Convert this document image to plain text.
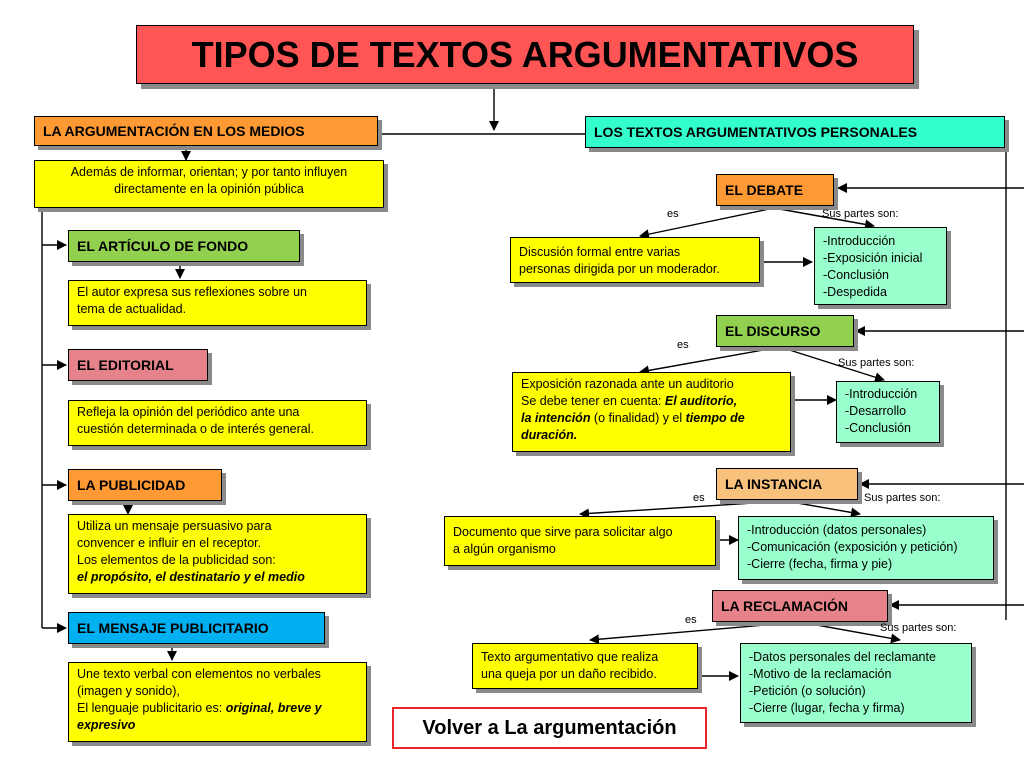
TIPOS DE TEXTOS ARGUMENTATIVOS
LA ARGUMENTACIÓN EN LOS MEDIOS
Además de informar, orientan; y por tanto influyen
directamente en la opinión pública
EL ARTÍCULO DE FONDO
El autor expresa sus reflexiones sobre un
tema de actualidad.
EL EDITORIAL
Refleja la opinión del periódico ante una
cuestión determinada o de interés general.
LA PUBLICIDAD
Utiliza un mensaje persuasivo para
convencer e influir en el receptor.
Los elementos de la publicidad son:
el propósito, el destinatario y el medio
EL MENSAJE PUBLICITARIO
Une texto verbal con elementos no verbales
(imagen y sonido),
El lenguaje publicitario es: original, breve y
expresivo
LOS TEXTOS ARGUMENTATIVOS PERSONALES
EL DEBATE
es	Sus partes son:
Discusión formal entre varias
personas dirigida por un moderador.
-Introducción
-Exposición inicial
-Conclusión
-Despedida
EL DISCURSO
es
Sus partes son:
Exposición razonada ante un auditorio
Se debe tener en cuenta: El auditorio,
la intención (o finalidad) y el tiempo de
duración.
-Introducción
-Desarrollo
-Conclusión
LA INSTANCIA
es	Sus partes son:
Documento que sirve para solicitar algo
a algún organismo
-Introducción (datos personales)
-Comunicación (exposición y petición)
-Cierre (fecha, firma y pie)
LA RECLAMACIÓN
es
Sus partes son:
Texto argumentativo que realiza
una queja por un daño recibido.
-Datos personales del reclamante
-Motivo de la reclamación
-Petición (o solución)
-Cierre (lugar, fecha y firma)
Volver a La argumentación
